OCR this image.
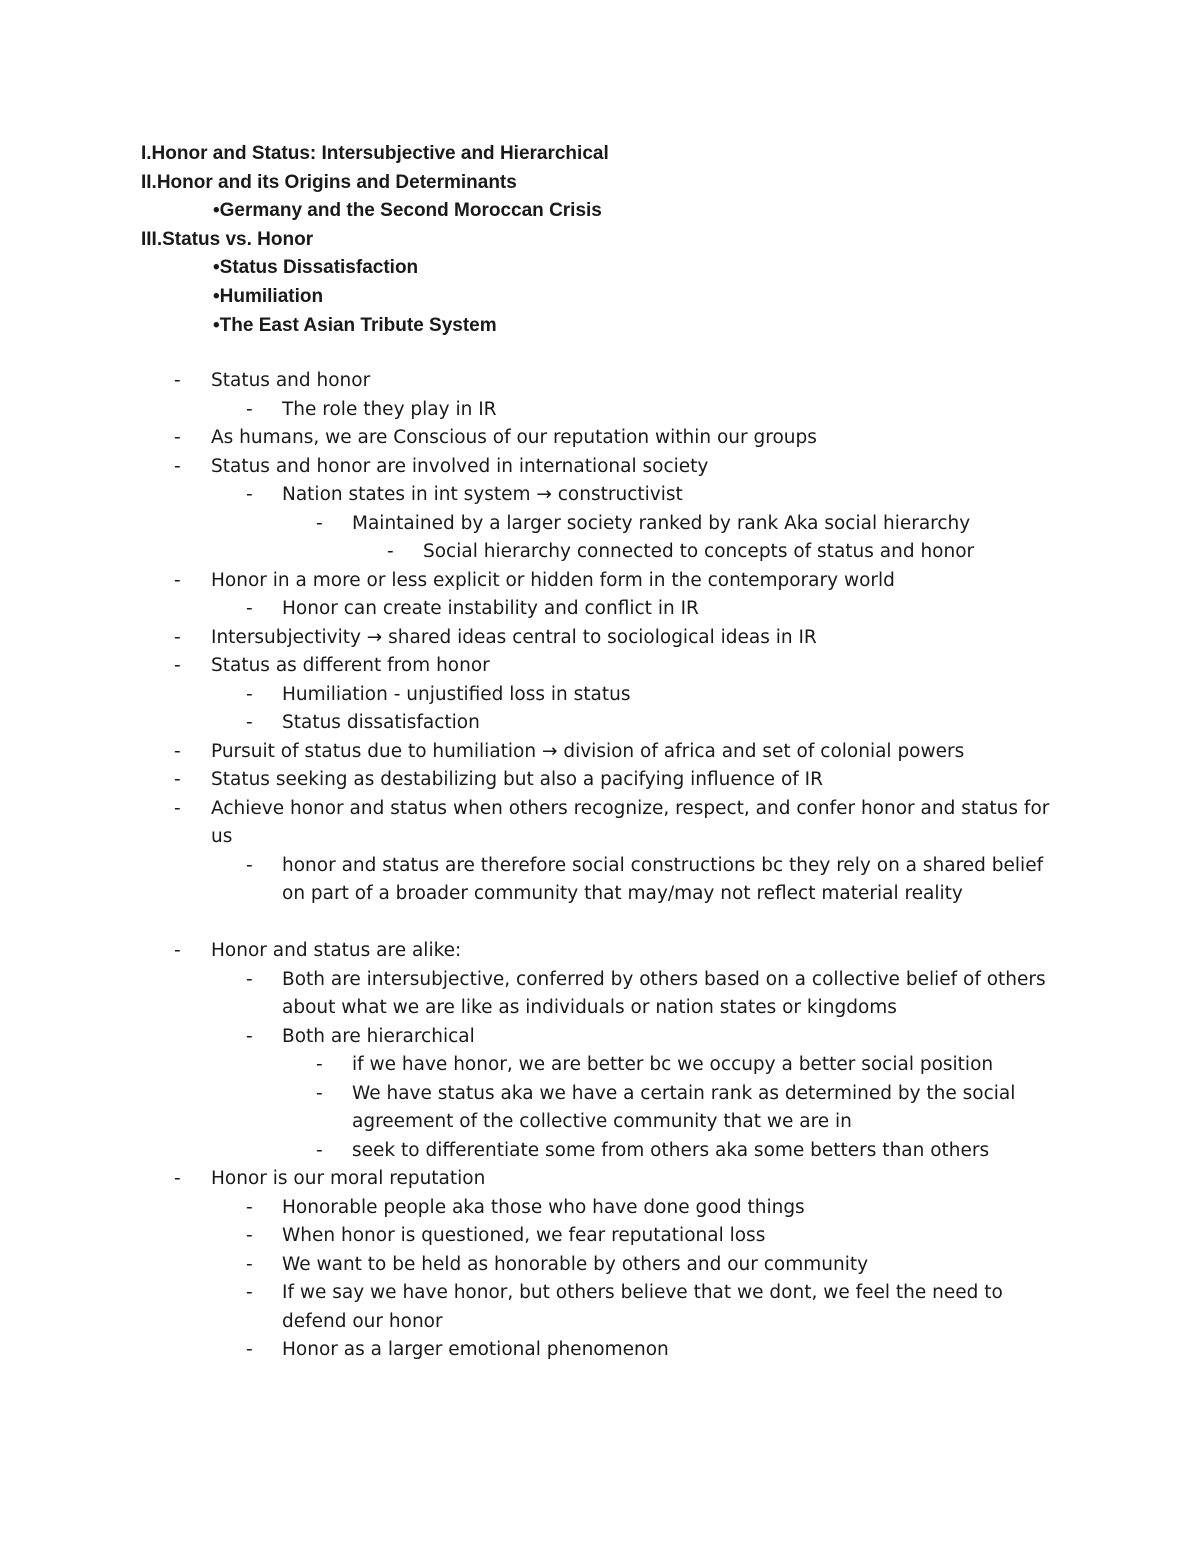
I.Honor and Status: Intersubjective and Hierarchical
II.Honor and its Origins and Determinants
•Germany and the Second Moroccan Crisis
III.Status vs. Honor
•Status Dissatisfaction
•Humiliation
•The East Asian Tribute System
-	Status and honor
-	The role they play in IR
-	As humans, we are Conscious of our reputation within our groups
-	Status and honor are involved in international society
-	Nation states in int system → constructivist
-	Maintained by a larger society ranked by rank Aka social hierarchy
-	Social hierarchy connected to concepts of status and honor
-	Honor in a more or less explicit or hidden form in the contemporary world
-	Honor can create instability and conflict in IR
-	Intersubjectivity → shared ideas central to sociological ideas in IR
-	Status as different from honor
-	Humiliation - unjustified loss in status
-	Status dissatisfaction
-	Pursuit of status due to humiliation → division of africa and set of colonial powers
-	Status seeking as destabilizing but also a pacifying influence of IR
-	Achieve honor and status when others recognize, respect, and confer honor and status for us
-	honor and status are therefore social constructions bc they rely on a shared belief on part of a broader community that may/may not reflect material reality
-	Honor and status are alike:
-	Both are intersubjective, conferred by others based on a collective belief of others about what we are like as individuals or nation states or kingdoms
-	Both are hierarchical
-	if we have honor, we are better bc we occupy a better social position
-	We have status aka we have a certain rank as determined by the social agreement of the collective community that we are in
-	seek to differentiate some from others aka some betters than others
-	Honor is our moral reputation
-	Honorable people aka those who have done good things
-	When honor is questioned, we fear reputational loss
-	We want to be held as honorable by others and our community
-	If we say we have honor, but others believe that we dont, we feel the need to defend our honor
-	Honor as a larger emotional phenomenon
